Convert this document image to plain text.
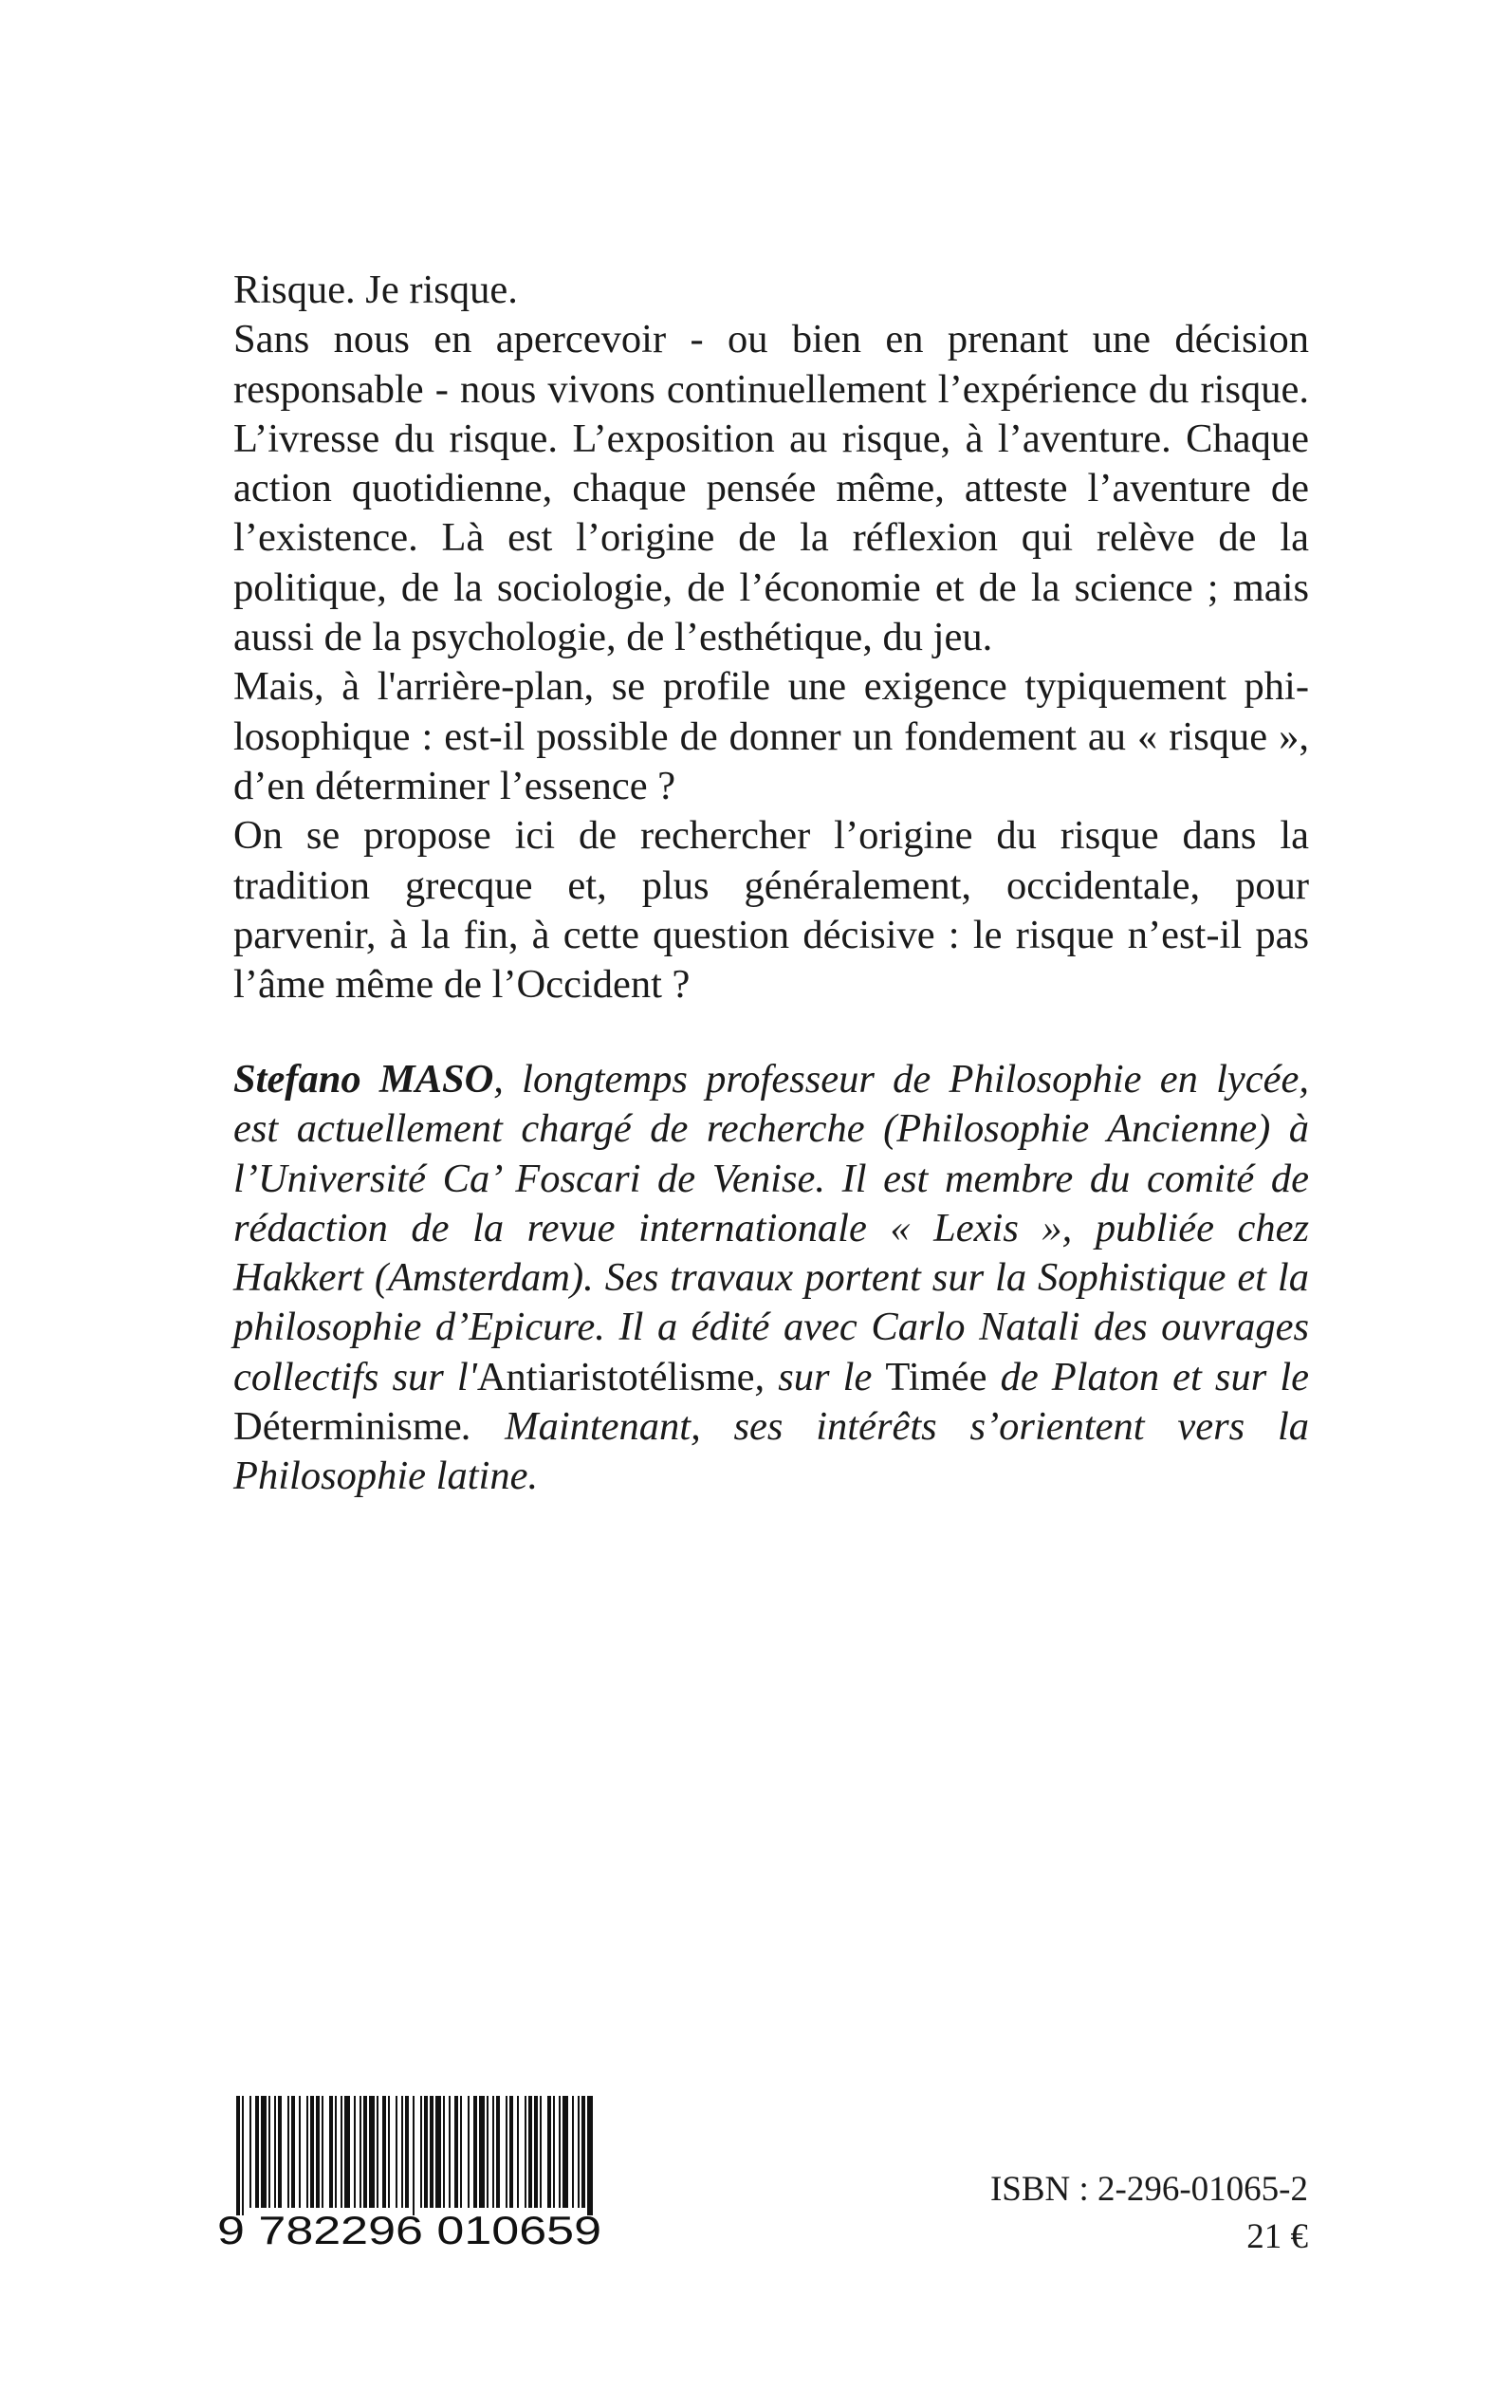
Risque. Je risque.

Sans nous en apercevoir - ou bien en prenant une décision
responsable - nous vivons continuellement l’expérience du risque.
L’ivresse du risque. L’exposition au risque, à l’aventure. Chaque
action quotidienne, chaque pensée même, atteste l’aventure de
l’existence. Là est l’origine de la réflexion qui relève de la
politique, de la sociologie, de l’économie et de la science ; mais
aussi de la psychologie, de l’esthétique, du jeu.

Mais, à l'arrière-plan, se profile une exigence typiquement phi-
losophique : est-il possible de donner un fondement au « risque »,
d’en déterminer l’essence ?

On se propose ici de rechercher l’origine du risque dans la
tradition grecque et, plus généralement, occidentale, pour
parvenir, à la fin, à cette question décisive : le risque n’est-il pas
l’âme même de l’Occident ?

Stefano MASO, longtemps professeur de Philosophie en lycée,
est actuellement chargé de recherche (Philosophie Ancienne) à
l’Université Ca’ Foscari de Venise. Il est membre du comité de
rédaction de la revue internationale « Lexis », publiée chez
Hakkert (Amsterdam). Ses travaux portent sur la Sophistique et la
philosophie d’Epicure. Il a édité avec Carlo Natali des ouvrages
collectifs sur l'Antiaristotélisme, sur le Timée de Platon et sur le
Déterminisme. Maintenant, ses intérêts s’orientent vers la
Philosophie latine.

9 782296 010659
ISBN : 2-296-01065-2
21 €
